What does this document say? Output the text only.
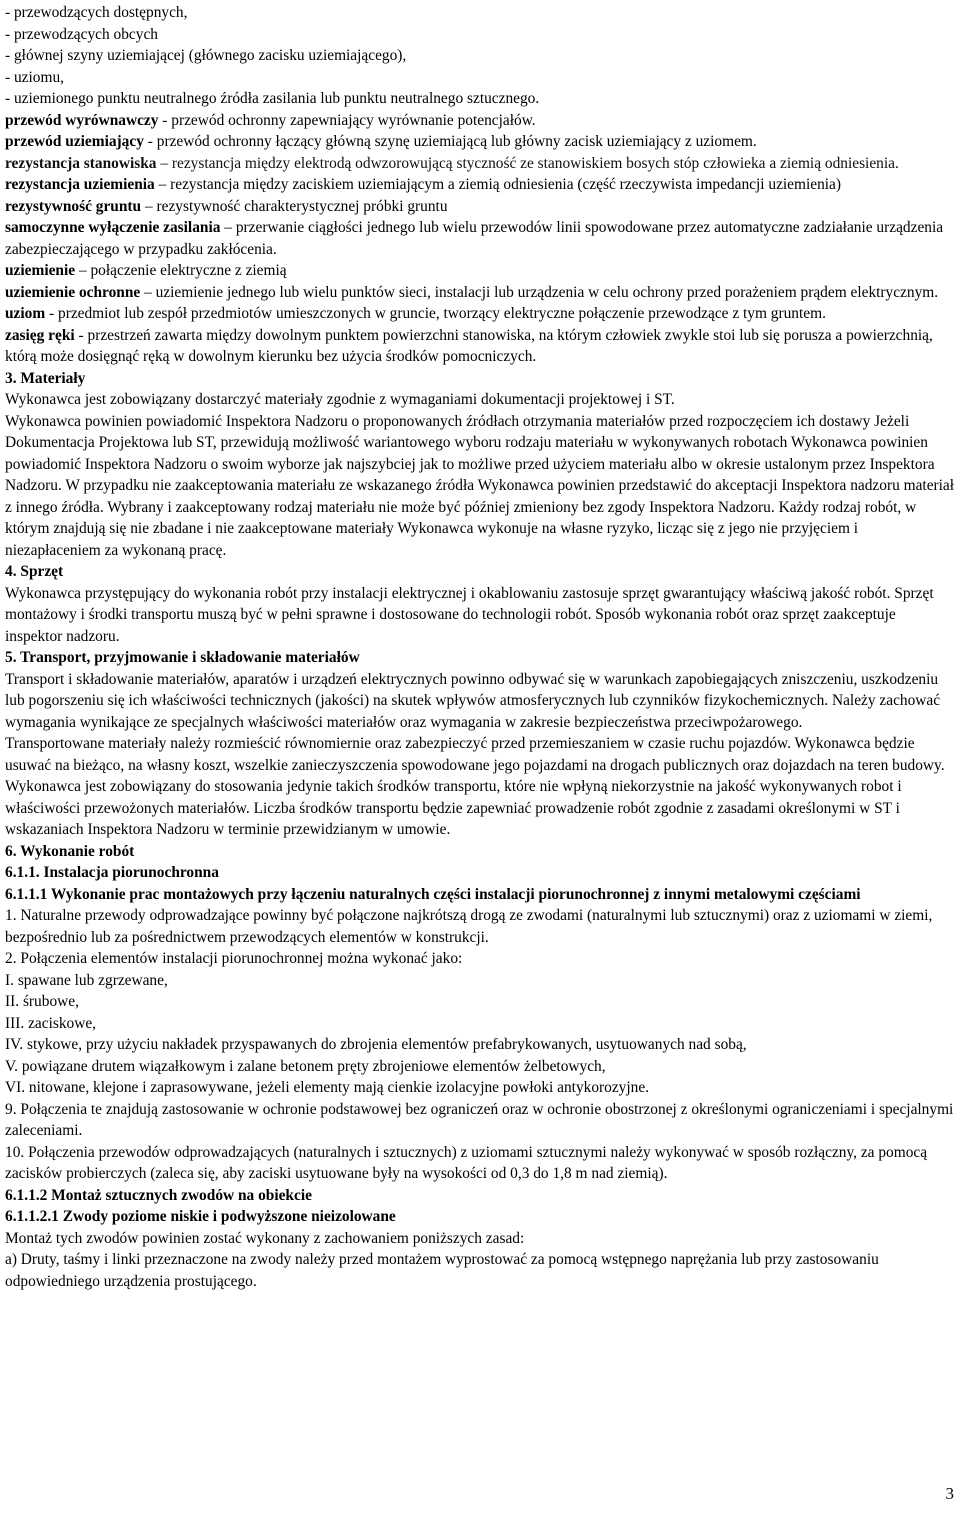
- przewodzących dostępnych,

- przewodzących obcych

- głównej szyny uziemiającej (głównego zacisku uziemiającego),

- uziomu,

- uziemionego punktu neutralnego źródła zasilania lub punktu neutralnego sztucznego.

przewód wyrównawczy - przewód ochronny zapewniający wyrównanie potencjałów.

przewód uziemiający - przewód ochronny łączący główną szynę uziemiającą lub główny zacisk uziemiający z uziomem.

rezystancja stanowiska – rezystancja między elektrodą odwzorowującą styczność ze stanowiskiem bosych stóp człowieka a ziemią odniesienia.

rezystancja uziemienia – rezystancja między zaciskiem uziemiającym a ziemią odniesienia (część rzeczywista impedancji uziemienia)

rezystywność gruntu – rezystywność charakterystycznej próbki gruntu

samoczynne wyłączenie zasilania – przerwanie ciągłości jednego lub wielu przewodów linii spowodowane przez automatyczne zadziałanie urządzenia zabezpieczającego w przypadku zakłócenia.

uziemienie – połączenie elektryczne z ziemią

uziemienie ochronne – uziemienie jednego lub wielu punktów sieci, instalacji lub urządzenia w celu ochrony przed porażeniem prądem elektrycznym.

uziom - przedmiot lub zespół przedmiotów umieszczonych w gruncie, tworzący elektryczne połączenie przewodzące z tym gruntem.

zasięg ręki - przestrzeń zawarta między dowolnym punktem powierzchni stanowiska, na którym człowiek zwykle stoi lub się porusza a powierzchnią, którą może dosięgnąć ręką w dowolnym kierunku bez użycia środków pomocniczych.

3. Materiały

Wykonawca jest zobowiązany dostarczyć materiały zgodnie z wymaganiami dokumentacji projektowej i ST.

Wykonawca powinien powiadomić Inspektora Nadzoru o proponowanych źródłach otrzymania materiałów przed rozpoczęciem ich dostawy Jeżeli Dokumentacja Projektowa lub ST, przewidują możliwość wariantowego wyboru rodzaju materiału w wykonywanych robotach Wykonawca powinien powiadomić Inspektora Nadzoru o swoim wyborze jak najszybciej jak to możliwe przed użyciem materiału albo w okresie ustalonym przez Inspektora Nadzoru. W przypadku nie zaakceptowania materiału ze wskazanego źródła Wykonawca powinien przedstawić do akceptacji Inspektora nadzoru materiał z innego źródła. Wybrany i zaakceptowany rodzaj materiału nie może być później zmieniony bez zgody Inspektora Nadzoru. Każdy rodzaj robót, w którym znajdują się nie zbadane i nie zaakceptowane materiały Wykonawca wykonuje na własne ryzyko, licząc się z jego nie przyjęciem i niezapłaceniem za wykonaną pracę.

4. Sprzęt

Wykonawca przystępujący do wykonania robót przy instalacji elektrycznej i okablowaniu zastosuje sprzęt gwarantujący właściwą jakość robót. Sprzęt montażowy i środki transportu muszą być w pełni sprawne i dostosowane do technologii robót. Sposób wykonania robót oraz sprzęt zaakceptuje inspektor nadzoru.

5. Transport, przyjmowanie i składowanie materiałów

Transport i składowanie materiałów, aparatów i urządzeń elektrycznych powinno odbywać się w warunkach zapobiegających zniszczeniu, uszkodzeniu lub pogorszeniu się ich właściwości technicznych (jakości) na skutek wpływów atmosferycznych lub czynników fizykochemicznych. Należy zachować wymagania wynikające ze specjalnych właściwości materiałów oraz wymagania w zakresie bezpieczeństwa przeciwpożarowego.

Transportowane materiały należy rozmieścić równomiernie oraz zabezpieczyć przed przemieszaniem w czasie ruchu pojazdów. Wykonawca będzie usuwać na bieżąco, na własny koszt, wszelkie zanieczyszczenia spowodowane jego pojazdami na drogach publicznych oraz dojazdach na teren budowy.

Wykonawca jest zobowiązany do stosowania jedynie takich środków transportu, które nie wpłyną niekorzystnie na jakość wykonywanych robot i właściwości przewożonych materiałów. Liczba środków transportu będzie zapewniać prowadzenie robót zgodnie z zasadami określonymi w ST i wskazaniach Inspektora Nadzoru w terminie przewidzianym w umowie.

6. Wykonanie robót

6.1.1. Instalacja piorunochronna

6.1.1.1 Wykonanie prac montażowych przy łączeniu naturalnych części instalacji piorunochronnej z innymi metalowymi częściami

1. Naturalne przewody odprowadzające powinny być połączone najkrótszą drogą ze zwodami (naturalnymi lub sztucznymi) oraz z uziomami w ziemi, bezpośrednio lub za pośrednictwem przewodzących elementów w konstrukcji.

2. Połączenia elementów instalacji piorunochronnej można wykonać jako:

I. spawane lub zgrzewane,

II. śrubowe,

III. zaciskowe,

IV. stykowe, przy użyciu nakładek przyspawanych do zbrojenia elementów prefabrykowanych, usytuowanych nad sobą,

V. powiązane drutem wiązałkowym i zalane betonem pręty zbrojeniowe elementów żelbetowych,

VI. nitowane, klejone i zaprasowywane, jeżeli elementy mają cienkie izolacyjne powłoki antykorozyjne.

9. Połączenia te znajdują zastosowanie w ochronie podstawowej bez ograniczeń oraz w ochronie obostrzonej z określonymi ograniczeniami i specjalnymi zaleceniami.

10. Połączenia przewodów odprowadzających (naturalnych i sztucznych) z uziomami sztucznymi należy wykonywać w sposób rozłączny, za pomocą zacisków probierczych (zaleca się, aby zaciski usytuowane były na wysokości od 0,3 do 1,8 m nad ziemią).

6.1.1.2 Montaż sztucznych zwodów na obiekcie

6.1.1.2.1 Zwody poziome niskie i podwyższone nieizolowane

Montaż tych zwodów powinien zostać wykonany z zachowaniem poniższych zasad:

a) Druty, taśmy i linki przeznaczone na zwody należy przed montażem wyprostować za pomocą wstępnego naprężania lub przy zastosowaniu odpowiedniego urządzenia prostującego.

3
